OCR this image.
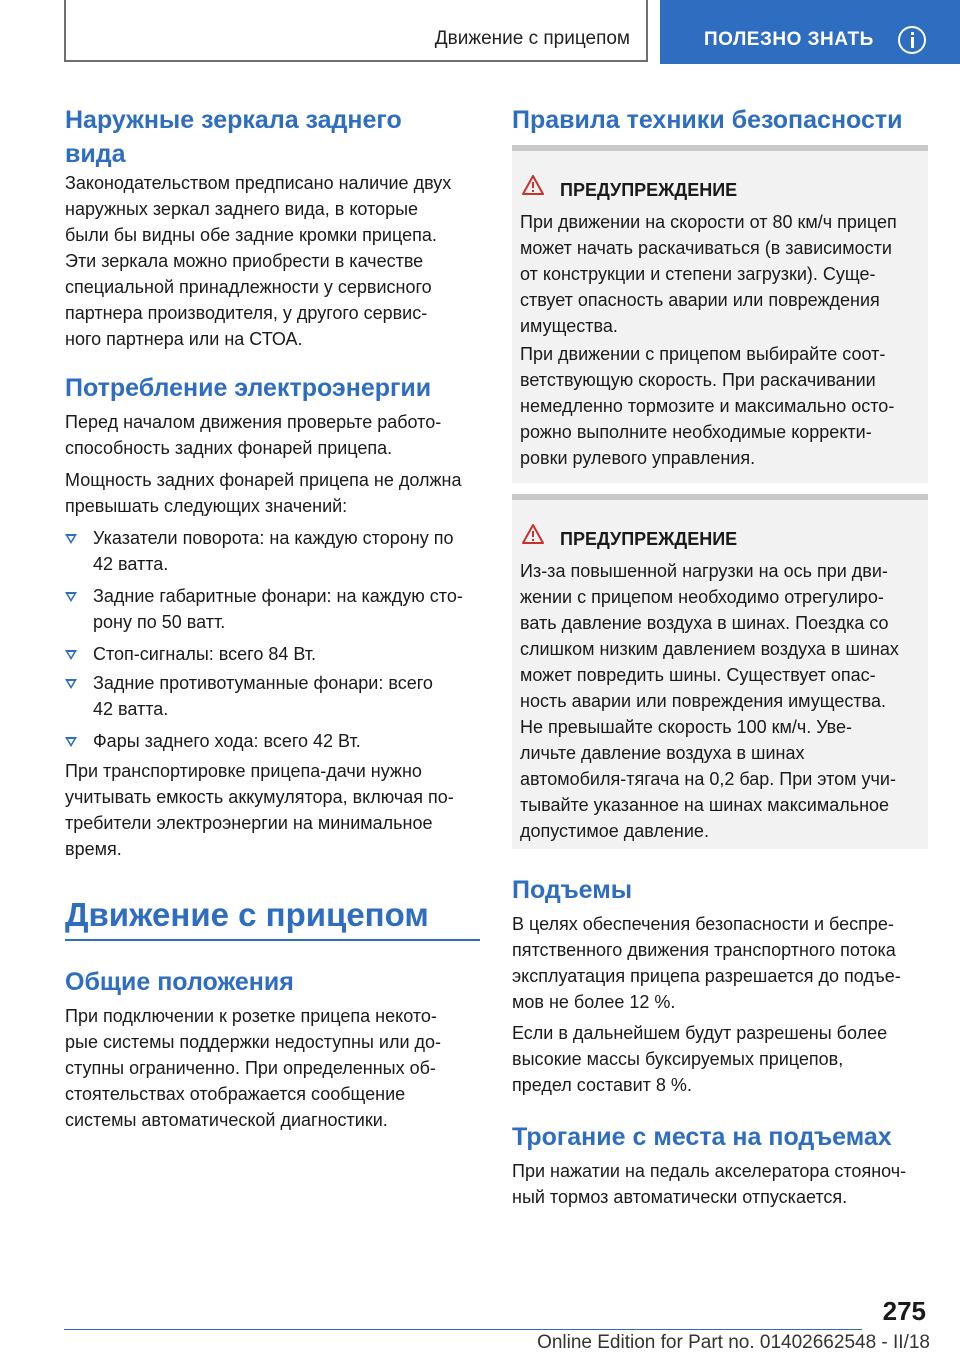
Движение с прицепом	ПОЛЕЗНО ЗНАТЬ
Наружные зеркала заднего
вида
Законодательством предписано наличие двух
наружных зеркал заднего вида, в которые
были бы видны обе задние кромки прицепа.
Эти зеркала можно приобрести в качестве
специальной принадлежности у сервисного
партнера производителя, у другого сервис-
ного партнера или на СТОА.
Потребление электроэнергии
Перед началом движения проверьте работо-
способность задних фонарей прицепа.
Мощность задних фонарей прицепа не должна
превышать следующих значений:
Указатели поворота: на каждую сторону по
42 ватта.
Задние габаритные фонари: на каждую сто-
рону по 50 ватт.
Стоп-сигналы: всего 84 Вт.
Задние противотуманные фонари: всего
42 ватта.
Фары заднего хода: всего 42 Вт.
При транспортировке прицепа-дачи нужно
учитывать емкость аккумулятора, включая по-
требители электроэнергии на минимальное
время.
Движение с прицепом
Общие положения
При подключении к розетке прицепа некото-
рые системы поддержки недоступны или до-
ступны ограниченно. При определенных об-
стоятельствах отображается сообщение
системы автоматической диагностики.
Правила техники безопасности
ПРЕДУПРЕЖДЕНИЕ
При движении на скорости от 80 км/ч прицеп
может начать раскачиваться (в зависимости
от конструкции и степени загрузки). Суще-
ствует опасность аварии или повреждения
имущества.
При движении с прицепом выбирайте соот-
ветствующую скорость. При раскачивании
немедленно тормозите и максимально осто-
рожно выполните необходимые корректи-
ровки рулевого управления.
ПРЕДУПРЕЖДЕНИЕ
Из-за повышенной нагрузки на ось при дви-
жении с прицепом необходимо отрегулиро-
вать давление воздуха в шинах. Поездка со
слишком низким давлением воздуха в шинах
может повредить шины. Существует опас-
ность аварии или повреждения имущества.
Не превышайте скорость 100 км/ч. Уве-
личьте давление воздуха в шинах
автомобиля-тягача на 0,2 бар. При этом учи-
тывайте указанное на шинах максимальное
допустимое давление.
Подъемы
В целях обеспечения безопасности и беспре-
пятственного движения транспортного потока
эксплуатация прицепа разрешается до подъе-
мов не более 12 %.
Если в дальнейшем будут разрешены более
высокие массы буксируемых прицепов,
предел составит 8 %.
Трогание с места на подъемах
При нажатии на педаль акселератора стояноч-
ный тормоз автоматически отпускается.
275
Online Edition for Part no. 01402662548 - II/18
